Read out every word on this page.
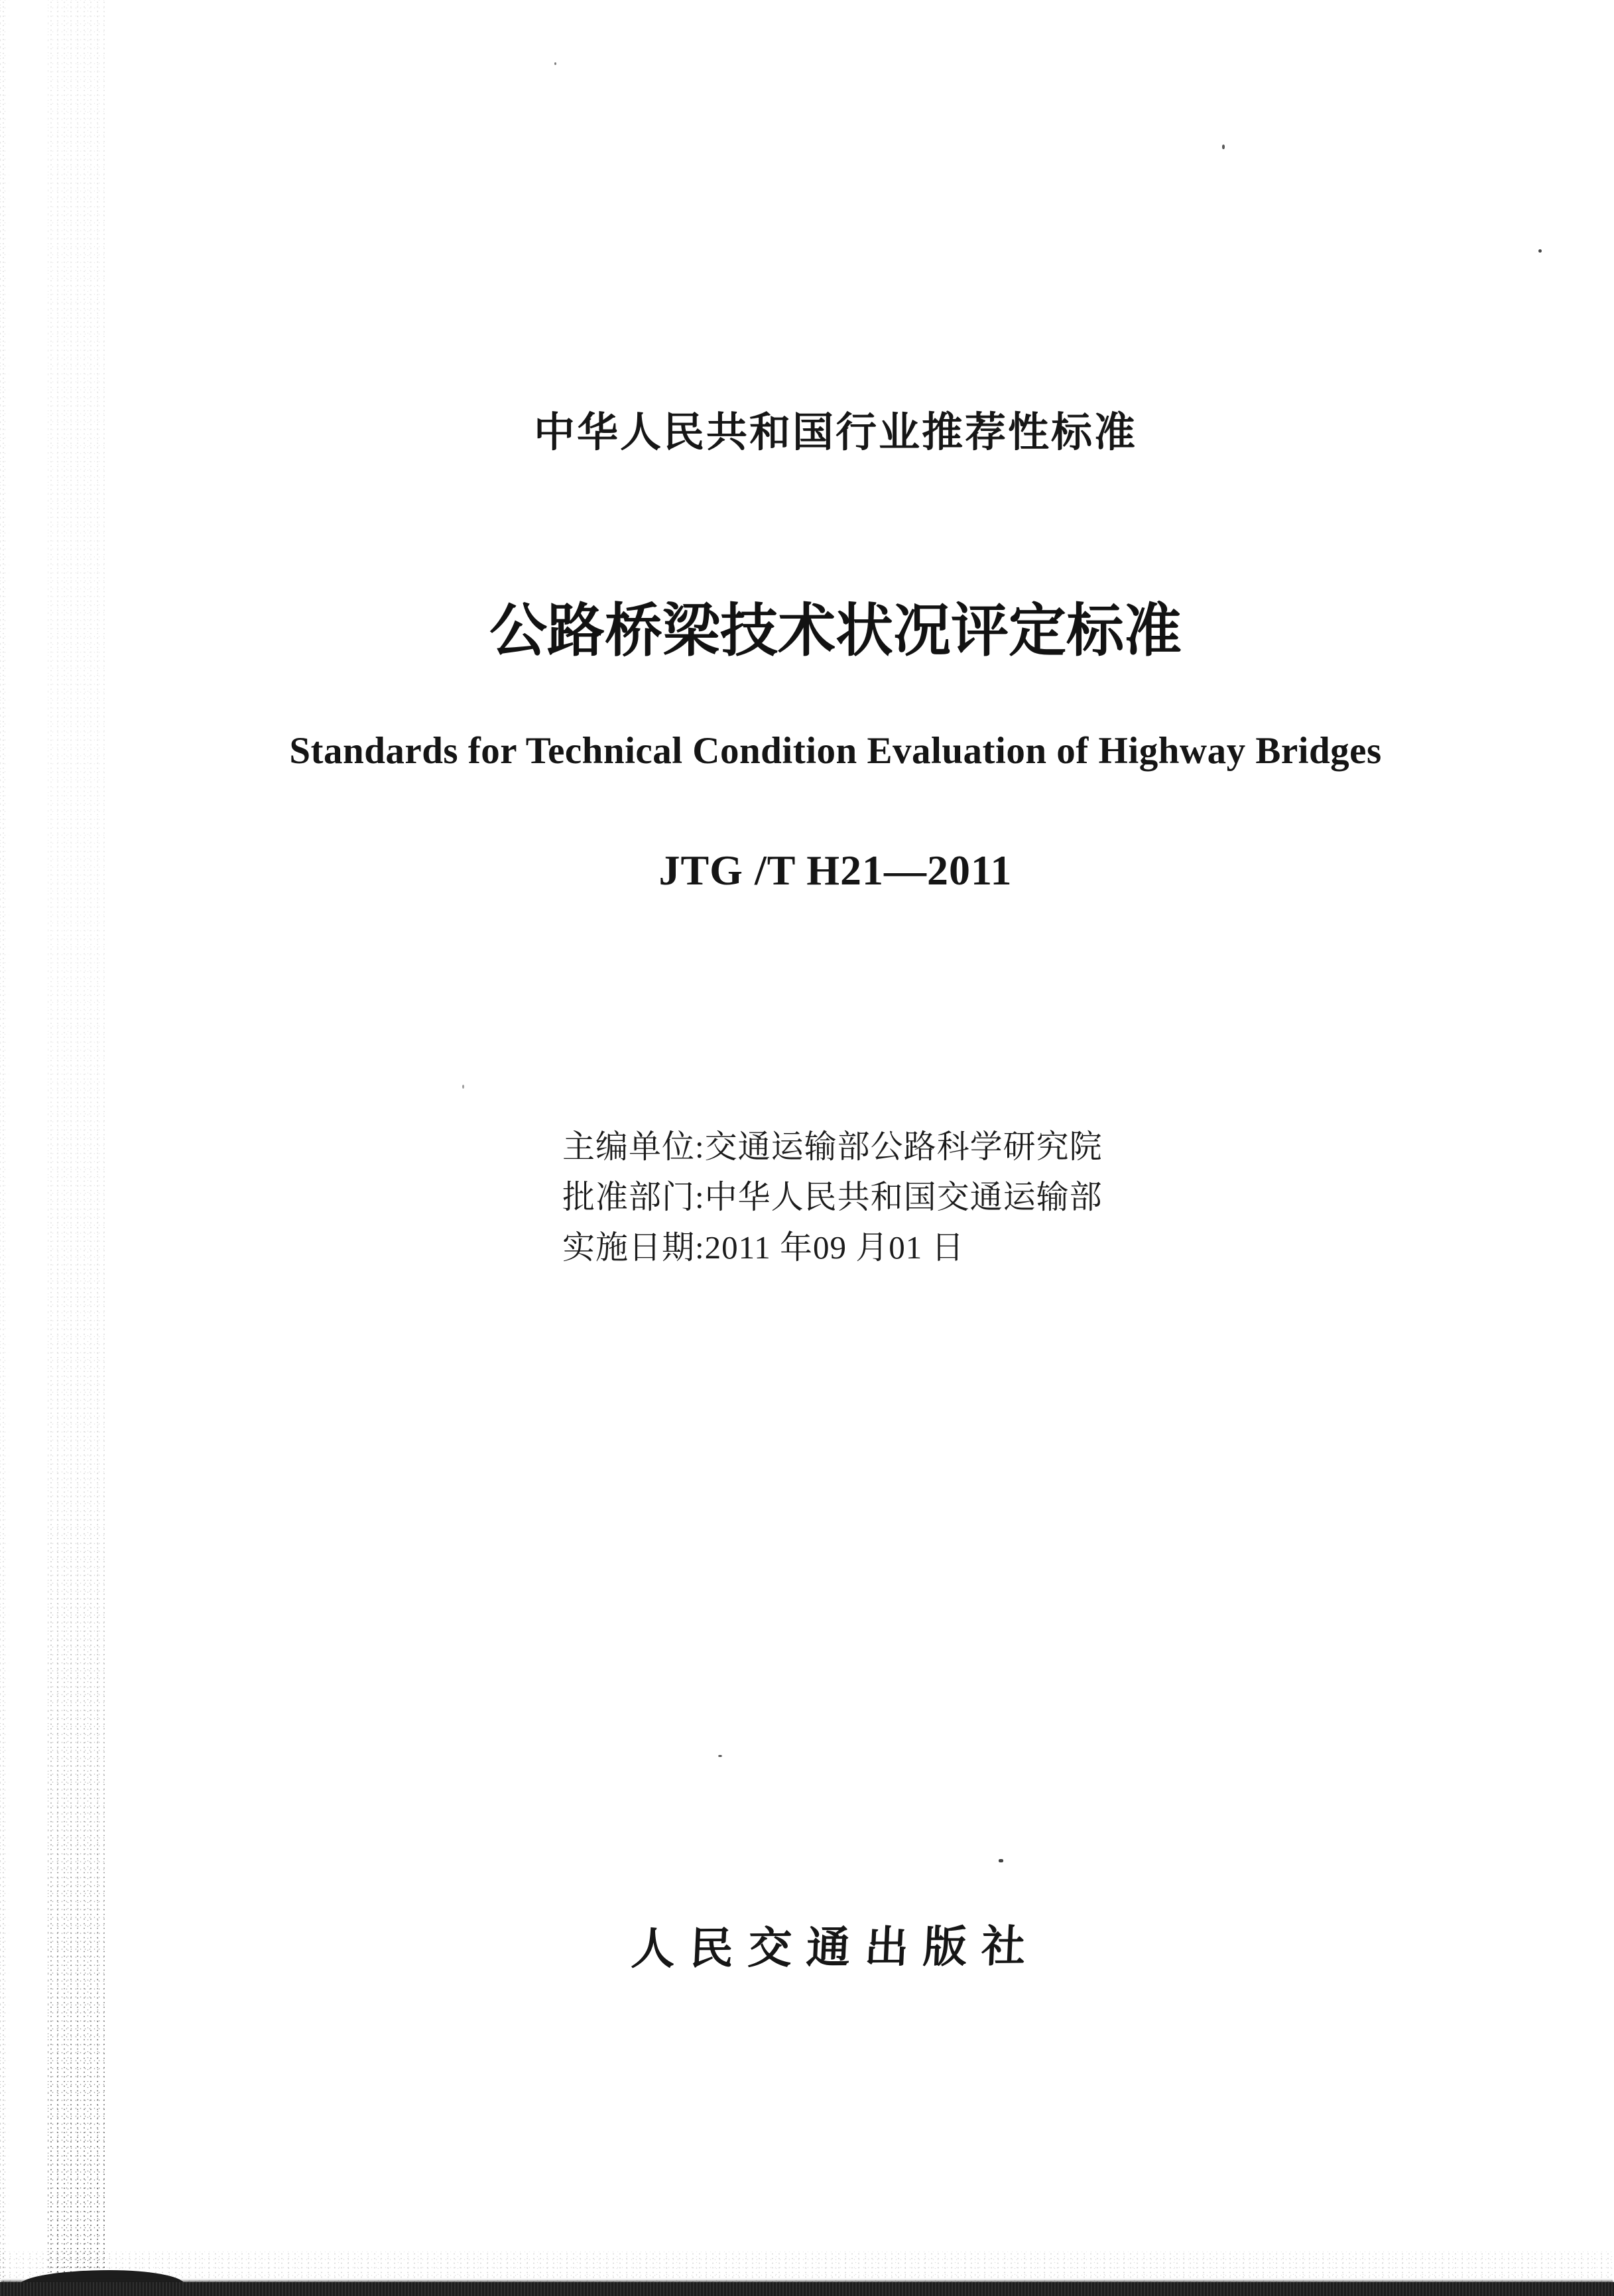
中华人民共和国行业推荐性标准
公路桥梁技术状况评定标准
Standards for Technical Condition Evaluation of Highway Bridges
JTG /T H21—2011
主编单位:交通运输部公路科学研究院
批准部门:中华人民共和国交通运输部
实施日期:2011 年09 月01 日
人民交通出版社
